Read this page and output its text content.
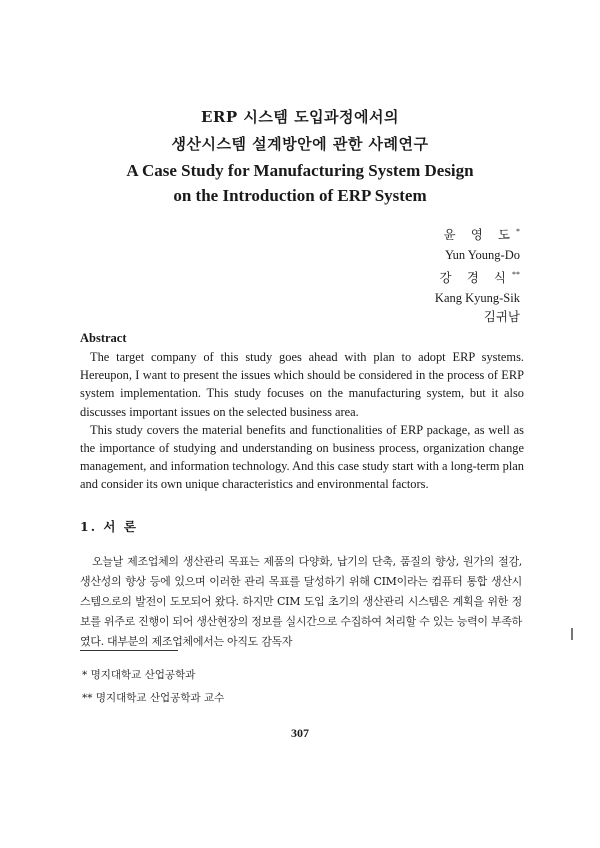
ERP 시스템 도입과정에서의
생산시스템 설계방안에 관한 사례연구
A Case Study for Manufacturing System Design
on the Introduction of ERP System
윤 영 도*
Yun Young-Do
강 경 식**
Kang Kyung-Sik
김귀남
Abstract

The target company of this study goes ahead with plan to adopt ERP systems. Hereupon, I want to present the issues which should be considered in the process of ERP system implementation. This study focuses on the manufacturing system, but it also discusses important issues on the selected business area.

This study covers the material benefits and functionalities of ERP package, as well as the importance of studying and understanding on business process, organization change management, and information technology. And this case study start with a long-term plan and consider its own unique characteristics and environmental factors.

1. 서 론

오늘날 제조업체의 생산관리 목표는 제품의 다양화, 납기의 단축, 품질의 향상, 원가의 절감, 생산성의 향상 등에 있으며 이러한 관리 목표를 달성하기 위해 CIM이라는 컴퓨터 통합 생산시스템으로의 발전이 도모되어 왔다. 하지만 CIM 도입 초기의 생산관리 시스템은 계획을 위한 정보를 위주로 진행이 되어 생산현장의 정보를 실시간으로 수집하여 처리할 수 있는 능력이 부족하였다. 대부분의 제조업체에서는 아직도 감독자

* 명지대학교 산업공학과
** 명지대학교 산업공학과 교수
307
